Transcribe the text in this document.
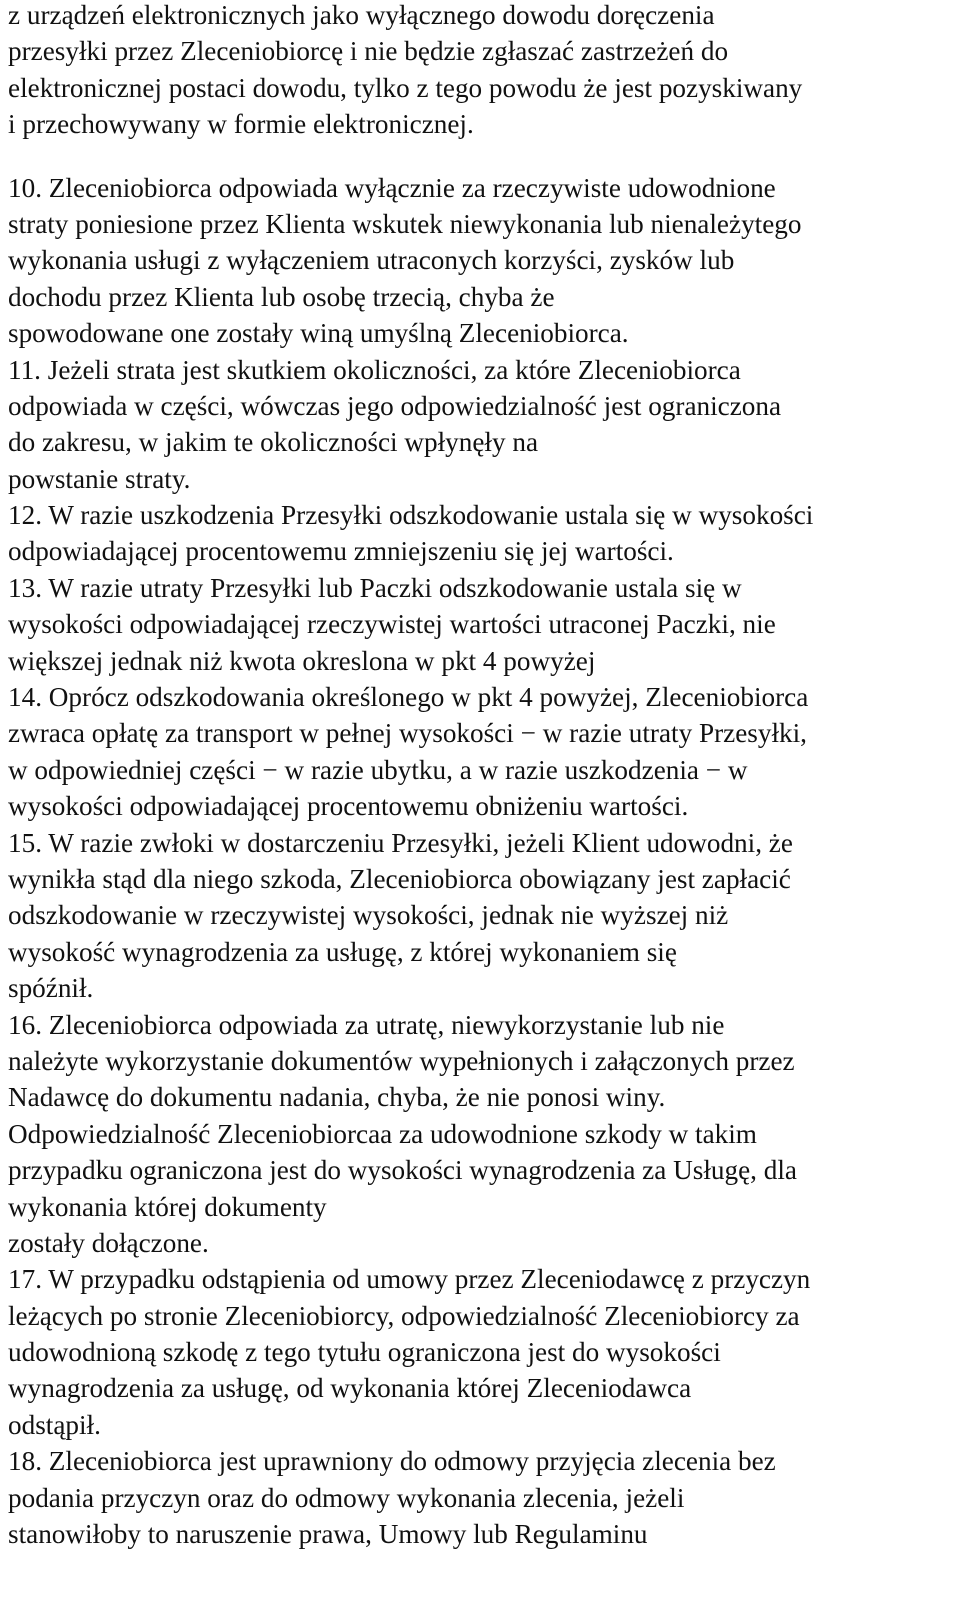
z urządzeń elektronicznych jako wyłącznego dowodu doręczenia
przesyłki przez Zleceniobiorcę i nie będzie zgłaszać zastrzeżeń do
elektronicznej postaci dowodu, tylko z tego powodu że jest pozyskiwany
i przechowywany w formie elektronicznej.
10. Zleceniobiorca odpowiada wyłącznie za rzeczywiste udowodnione
straty poniesione przez Klienta wskutek niewykonania lub nienależytego
wykonania usługi z wyłączeniem utraconych korzyści, zysków lub
dochodu przez Klienta lub osobę trzecią, chyba że
spowodowane one zostały winą umyślną Zleceniobiorca.
11. Jeżeli strata jest skutkiem okoliczności, za które Zleceniobiorca
odpowiada w części, wówczas jego odpowiedzialność jest ograniczona
do zakresu, w jakim te okoliczności wpłynęły na
powstanie straty.
12. W razie uszkodzenia Przesyłki odszkodowanie ustala się w wysokości
odpowiadającej procentowemu zmniejszeniu się jej wartości.
13. W razie utraty Przesyłki lub Paczki odszkodowanie ustala się w
wysokości odpowiadającej rzeczywistej wartości utraconej Paczki, nie
większej jednak niż kwota okreslona w pkt 4 powyżej
14. Oprócz odszkodowania określonego w pkt 4 powyżej, Zleceniobiorca
zwraca opłatę za transport w pełnej wysokości − w razie utraty Przesyłki,
w odpowiedniej części − w razie ubytku, a w razie uszkodzenia − w
wysokości odpowiadającej procentowemu obniżeniu wartości.
15. W razie zwłoki w dostarczeniu Przesyłki, jeżeli Klient udowodni, że
wynikła stąd dla niego szkoda, Zleceniobiorca obowiązany jest zapłacić
odszkodowanie w rzeczywistej wysokości, jednak nie wyższej niż
wysokość wynagrodzenia za usługę, z której wykonaniem się
spóźnił.
16. Zleceniobiorca odpowiada za utratę, niewykorzystanie lub nie
należyte wykorzystanie dokumentów wypełnionych i załączonych przez
Nadawcę do dokumentu nadania, chyba, że nie ponosi winy.
Odpowiedzialność Zleceniobiorcaa za udowodnione szkody w takim
przypadku ograniczona jest do wysokości wynagrodzenia za Usługę, dla
wykonania której dokumenty
zostały dołączone.
17. W przypadku odstąpienia od umowy przez Zleceniodawcę z przyczyn
leżących po stronie Zleceniobiorcy, odpowiedzialność Zleceniobiorcy za
udowodnioną szkodę z tego tytułu ograniczona jest do wysokości
wynagrodzenia za usługę, od wykonania której Zleceniodawca
odstąpił.
18. Zleceniobiorca jest uprawniony do odmowy przyjęcia zlecenia bez
podania przyczyn oraz do odmowy wykonania zlecenia, jeżeli
stanowiłoby to naruszenie prawa, Umowy lub Regulaminu
